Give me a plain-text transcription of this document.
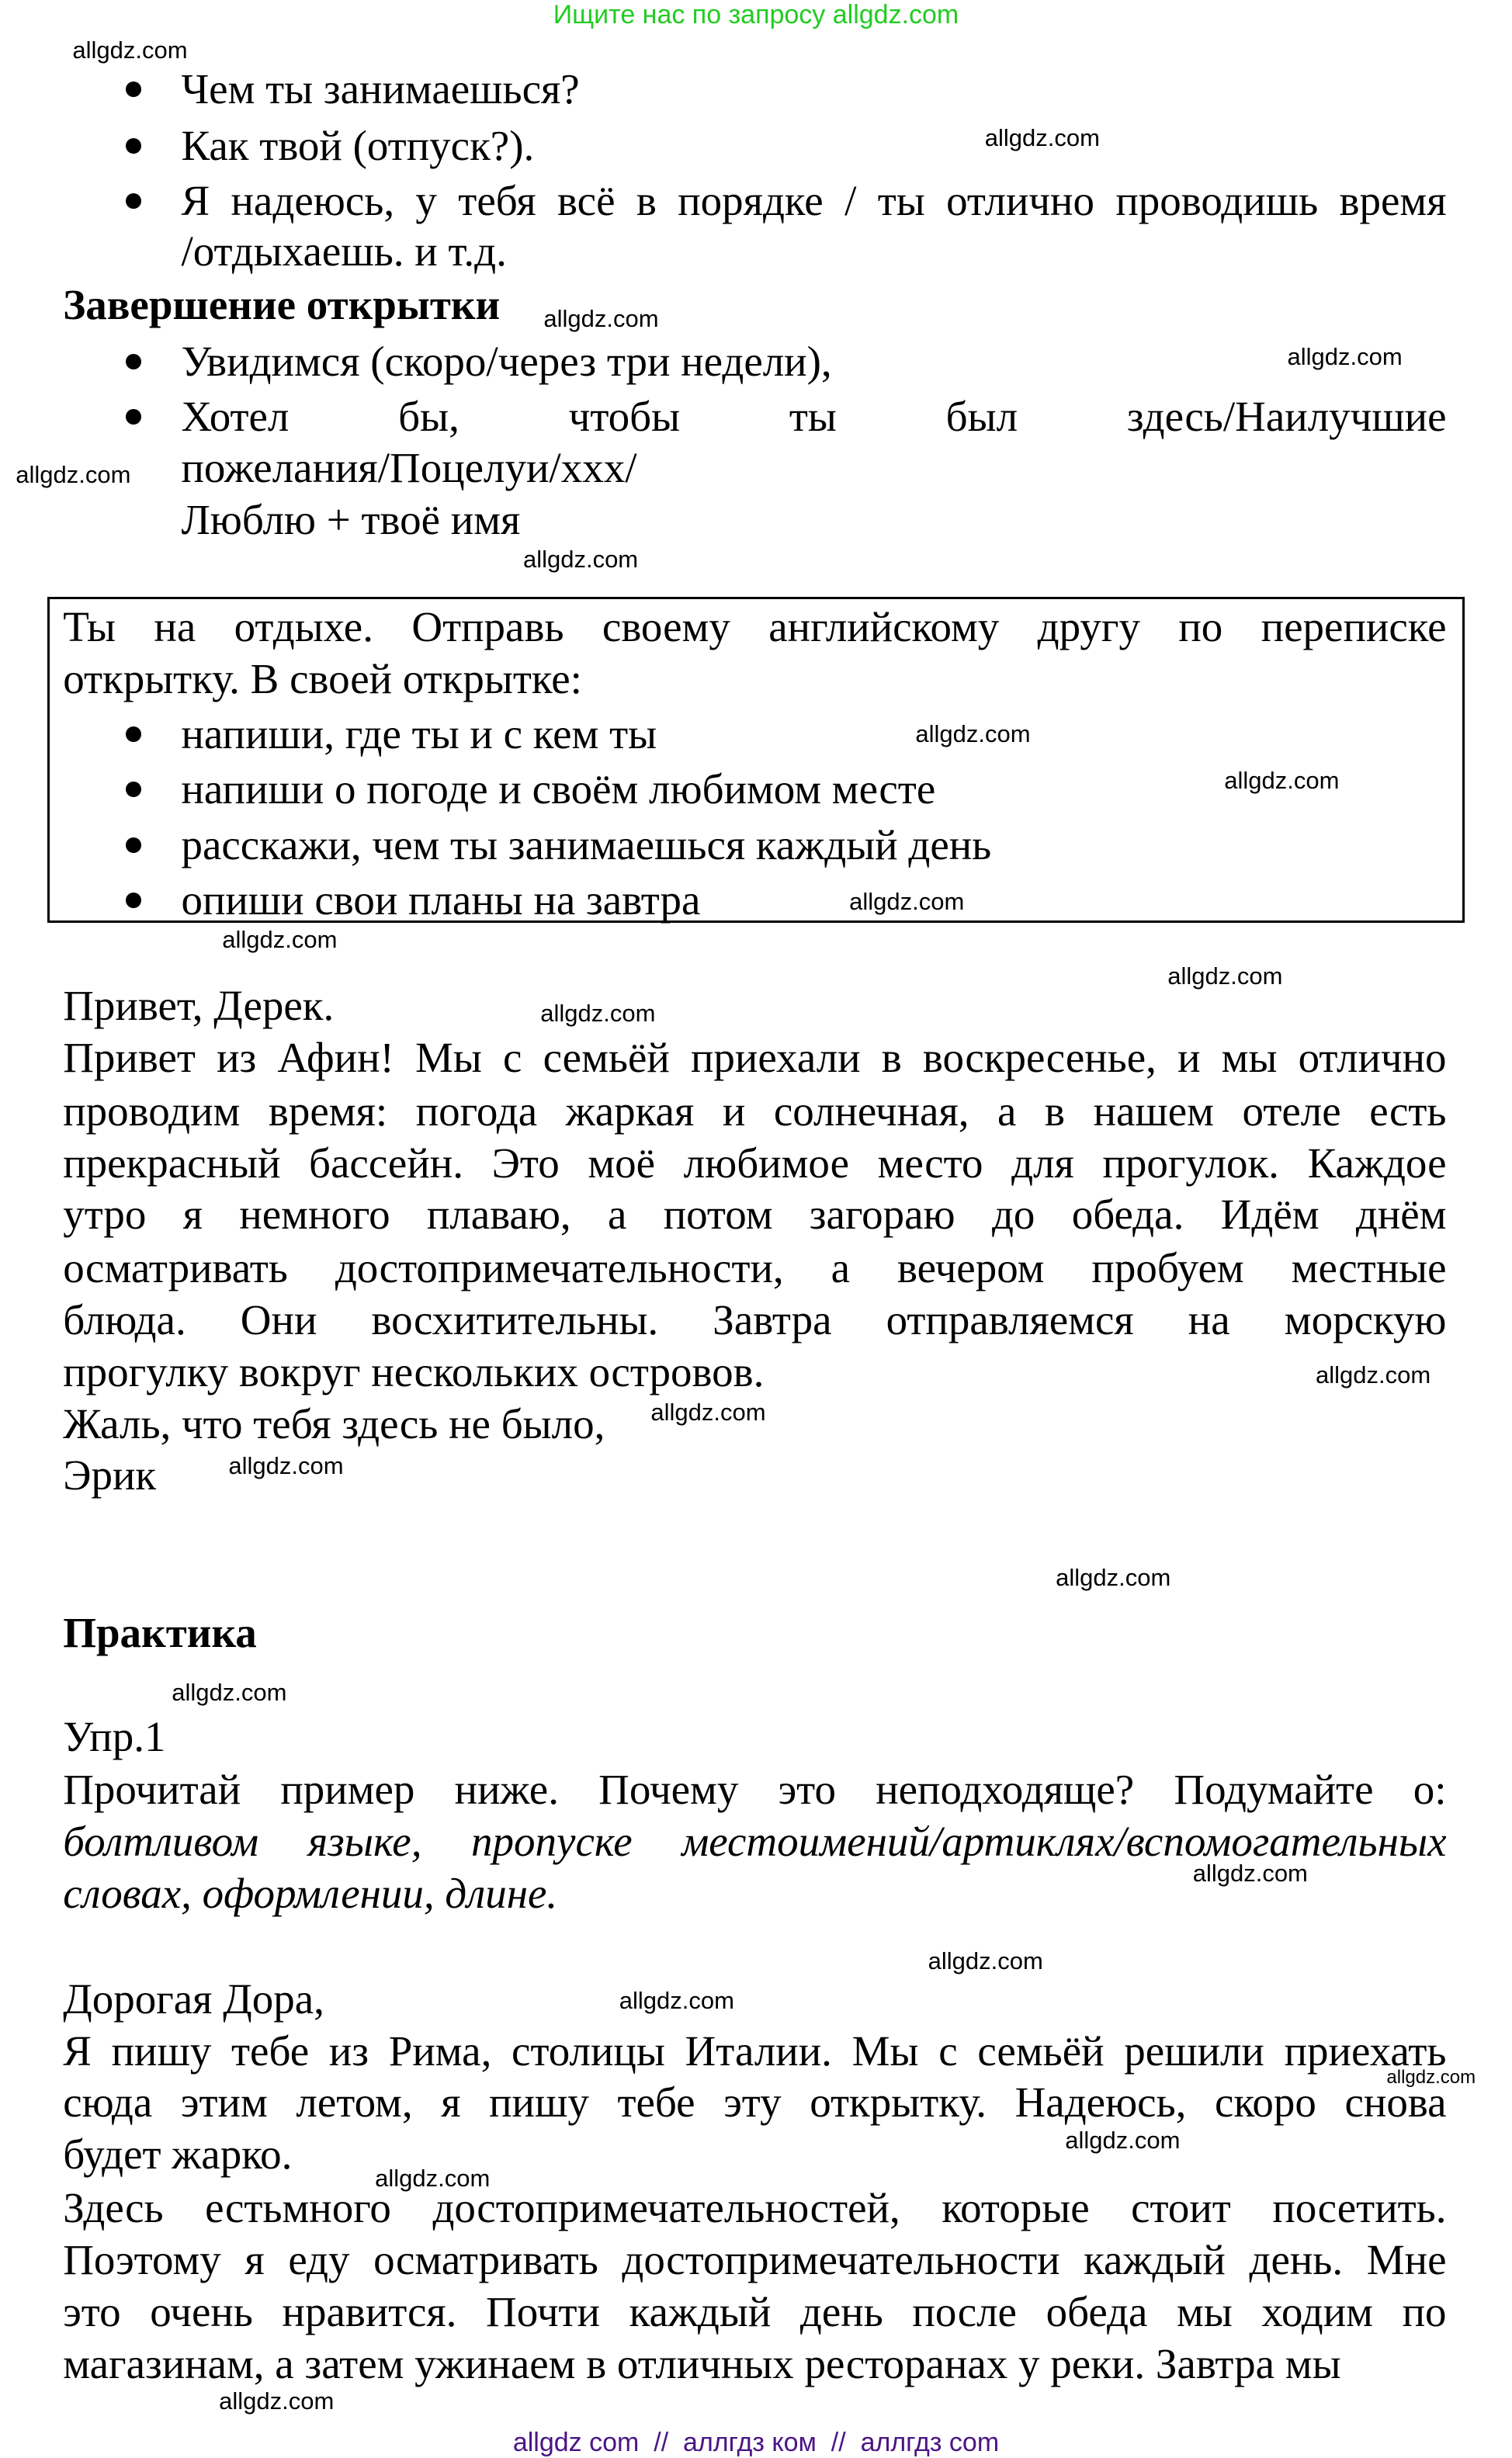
Ищите нас по запросу allgdz.com
allgdz.com
allgdz.com
allgdz.com
allgdz.com
allgdz.com
allgdz.com
allgdz.com
allgdz.com
allgdz.com
allgdz.com
allgdz.com
allgdz.com
allgdz.com
allgdz.com
allgdz.com
allgdz.com
allgdz.com
allgdz.com
allgdz.com
allgdz.com
allgdz.com
allgdz.com
allgdz.com
allgdz.com
Чем ты занимаешься?
Как твой (отпуск?).
Я надеюсь, у тебя всё в порядке / ты отлично проводишь время
/отдыхаешь. и т.д.
Завершение открытки
Увидимся (скоро/через три недели),
Хотел бы, чтобы ты был здесь/Наилучшие
пожелания/Поцелуи/xxx/
Люблю + твоё имя
Ты на отдыхе. Отправь своему английскому другу по переписке
открытку. В своей открытке:
напиши, где ты и с кем ты
напиши о погоде и своём любимом месте
расскажи, чем ты занимаешься каждый день
опиши свои планы на завтра
Привет, Дерек.
Привет из Афин! Мы с семьёй приехали в воскресенье, и мы отлично
проводим время: погода жаркая и солнечная, а в нашем отеле есть
прекрасный бассейн. Это моё любимое место для прогулок. Каждое
утро я немного плаваю, а потом загораю до обеда. Идём днём
осматривать достопримечательности, а вечером пробуем местные
блюда. Они восхитительны. Завтра отправляемся на морскую
прогулку вокруг нескольких островов.
Жаль, что тебя здесь не было,
Эрик
Практика
Упр.1
Прочитай пример ниже. Почему это неподходяще? Подумайте о:
болтливом языке, пропуске местоимений/артиклях/вспомогательных
словах, оформлении, длине.
Дорогая Дора,
Я пишу тебе из Рима, столицы Италии. Мы с семьёй решили приехать
сюда этим летом, я пишу тебе эту открытку. Надеюсь, скоро снова
будет жарко.
Здесь естьмного достопримечательностей, которые стоит посетить.
Поэтому я еду осматривать достопримечательности каждый день. Мне
это очень нравится. Почти каждый день после обеда мы ходим по
магазинам, а затем ужинаем в отличных ресторанах у реки. Завтра мы
allgdz com  //  аллгдз ком  //  аллгдз com
